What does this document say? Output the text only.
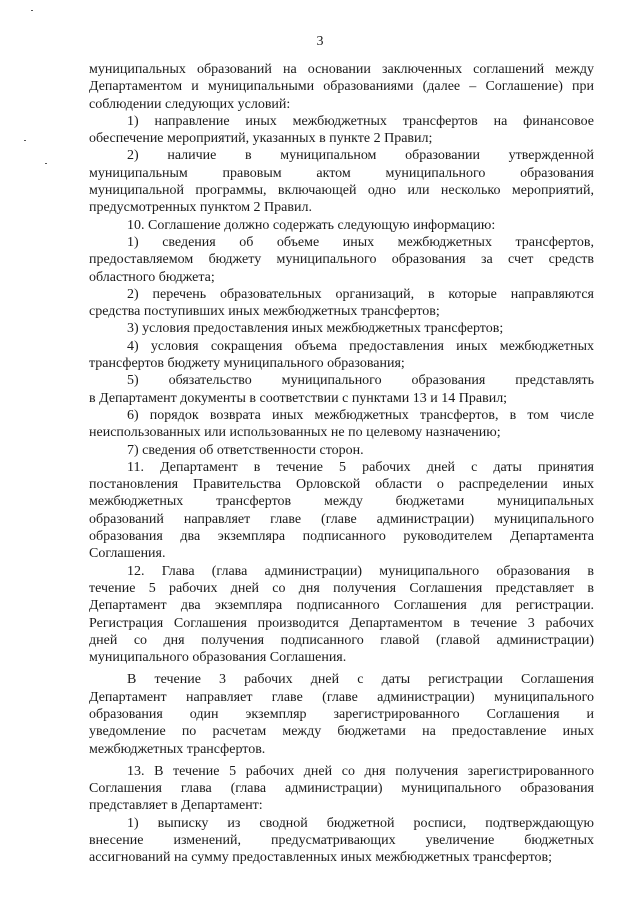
3
муниципальных образований на основании заключенных соглашений между
Департаментом и муниципальными образованиями (далее – Соглашение) при
соблюдении следующих условий:
1) направление иных межбюджетных трансфертов на финансовое
обеспечение мероприятий, указанных в пункте 2 Правил;
2) наличие в муниципальном образовании утвержденной
муниципальным правовым актом муниципального образования
муниципальной программы, включающей одно или несколько мероприятий,
предусмотренных пунктом 2 Правил.
10. Соглашение должно содержать следующую информацию:
1) сведения об объеме иных межбюджетных трансфертов,
предоставляемом бюджету муниципального образования за счет средств
областного бюджета;
2) перечень образовательных организаций, в которые направляются
средства поступивших иных межбюджетных трансфертов;
3) условия предоставления иных межбюджетных трансфертов;
4) условия сокращения объема предоставления иных межбюджетных
трансфертов бюджету муниципального образования;
5) обязательство муниципального образования представлять
в Департамент документы в соответствии с пунктами 13 и 14 Правил;
6) порядок возврата иных межбюджетных трансфертов, в том числе
неиспользованных или использованных не по целевому назначению;
7) сведения об ответственности сторон.
11. Департамент в течение 5 рабочих дней с даты принятия
постановления Правительства Орловской области о распределении иных
межбюджетных трансфертов между бюджетами муниципальных
образований направляет главе (главе администрации) муниципального
образования два экземпляра подписанного руководителем Департамента
Соглашения.
12. Глава (глава администрации) муниципального образования в
течение 5 рабочих дней со дня получения Соглашения представляет в
Департамент два экземпляра подписанного Соглашения для регистрации.
Регистрация Соглашения производится Департаментом в течение 3 рабочих
дней со дня получения подписанного главой (главой администрации)
муниципального образования Соглашения.
В течение 3 рабочих дней с даты регистрации Соглашения
Департамент направляет главе (главе администрации) муниципального
образования один экземпляр зарегистрированного Соглашения и
уведомление по расчетам между бюджетами на предоставление иных
межбюджетных трансфертов.
13. В течение 5 рабочих дней со дня получения зарегистрированного
Соглашения глава (глава администрации) муниципального образования
представляет в Департамент:
1) выписку из сводной бюджетной росписи, подтверждающую
внесение изменений, предусматривающих увеличение бюджетных
ассигнований на сумму предоставленных иных межбюджетных трансфертов;
